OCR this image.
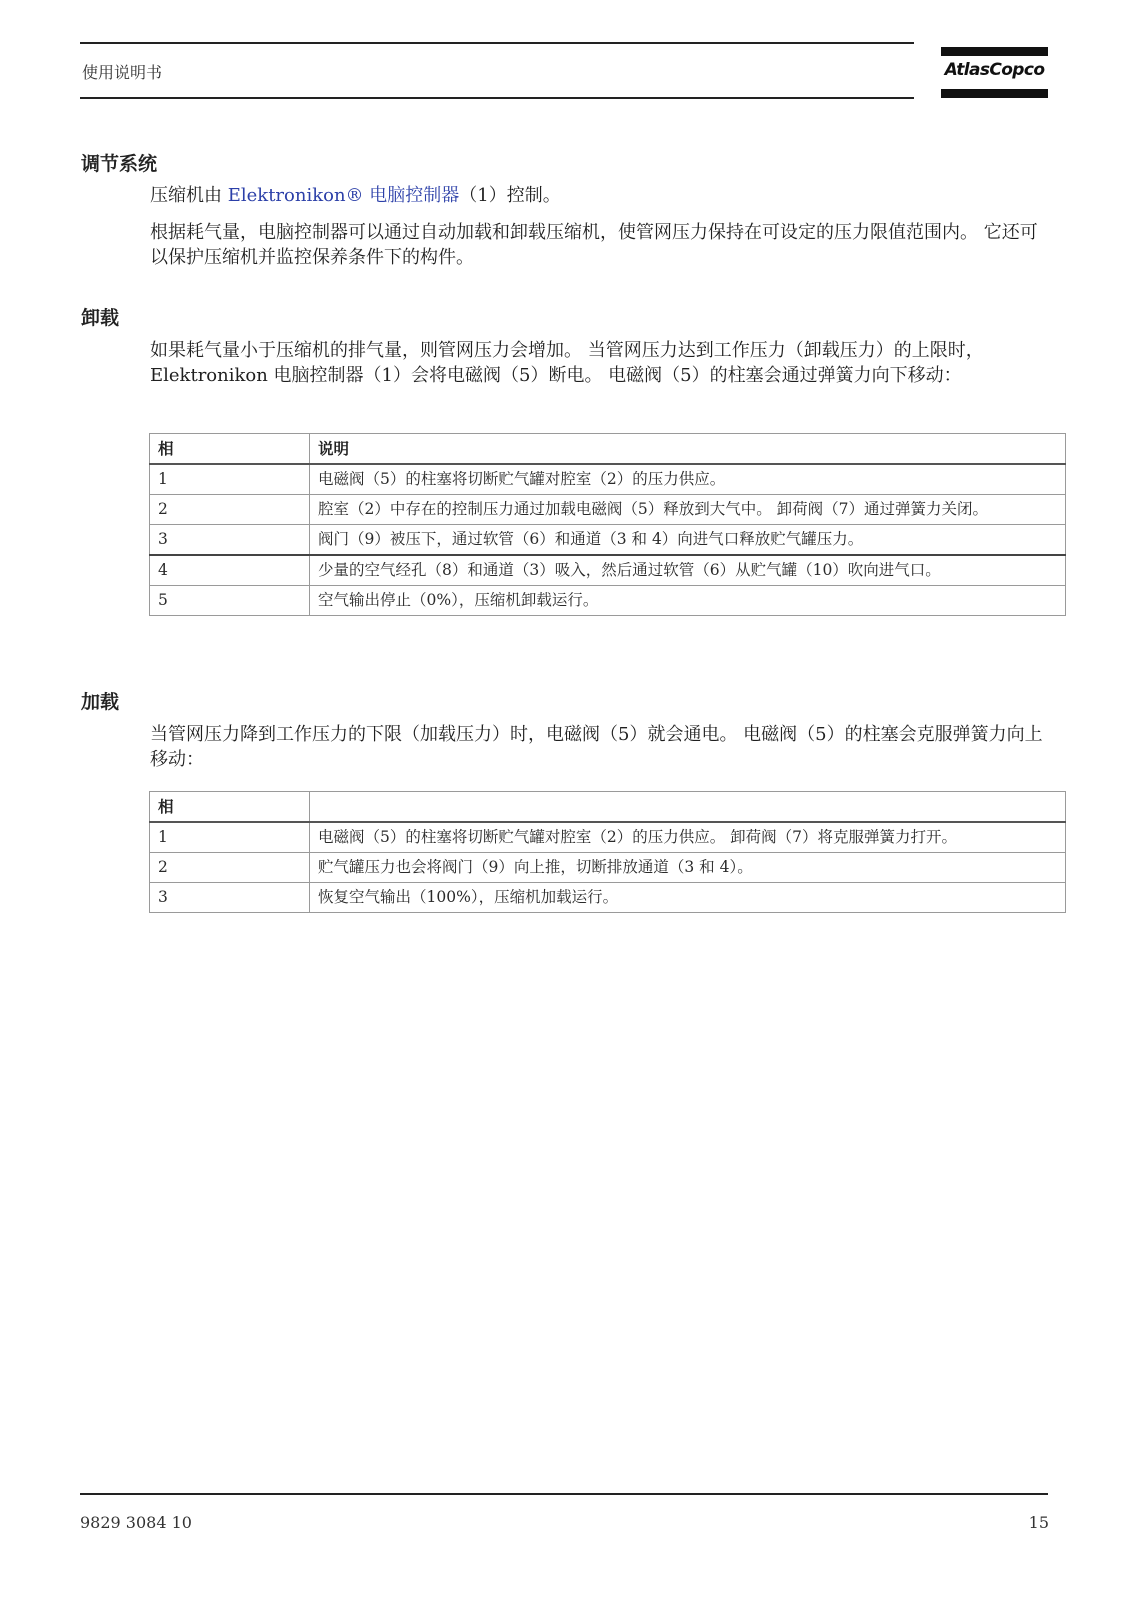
使用说明书	AtlasCopco
调节系统
压缩机由 Elektronikon® 电脑控制器（1）控制。
根据耗气量，电脑控制器可以通过自动加载和卸载压缩机，使管网压力保持在可设定的压力限值范围内。 它还可以保护压缩机并监控保养条件下的构件。
卸载
如果耗气量小于压缩机的排气量，则管网压力会增加。 当管网压力达到工作压力（卸载压力）的上限时，Elektronikon 电脑控制器（1）会将电磁阀（5）断电。 电磁阀（5）的柱塞会通过弹簧力向下移动：
相	说明
1	电磁阀（5）的柱塞将切断贮气罐对腔室（2）的压力供应。
2	腔室（2）中存在的控制压力通过加载电磁阀（5）释放到大气中。 卸荷阀（7）通过弹簧力关闭。
3	阀门（9）被压下，通过软管（6）和通道（3 和 4）向进气口释放贮气罐压力。
4	少量的空气经孔（8）和通道（3）吸入，然后通过软管（6）从贮气罐（10）吹向进气口。
5	空气输出停止（0%），压缩机卸载运行。
加载
当管网压力降到工作压力的下限（加载压力）时，电磁阀（5）就会通电。 电磁阀（5）的柱塞会克服弹簧力向上移动：
相	
1	电磁阀（5）的柱塞将切断贮气罐对腔室（2）的压力供应。 卸荷阀（7）将克服弹簧力打开。
2	贮气罐压力也会将阀门（9）向上推，切断排放通道（3 和 4）。
3	恢复空气输出（100%），压缩机加载运行。
9829 3084 10	15
